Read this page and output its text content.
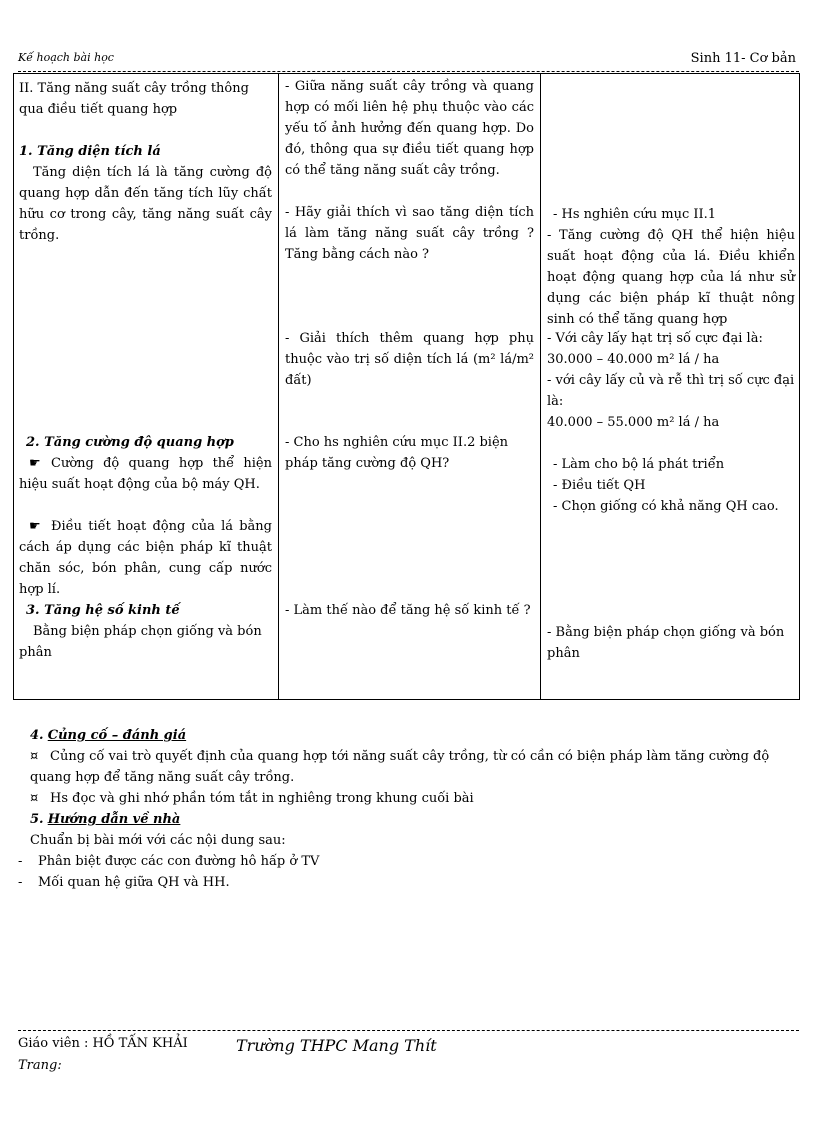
Kế hoạch bài học	Sinh 11- Cơ bản
II. Tăng năng suất cây trồng thông qua điều tiết quang hợp
1. Tăng diện tích lá
Tăng diện tích lá là tăng cường độ quang hợp dẫn đến tăng tích lũy chất hữu cơ trong cây, tăng năng suất cây trồng.
2. Tăng cường độ quang hợp
☛ Cường độ quang hợp thể hiện hiệu suất hoạt động của bộ máy QH.
☛ Điều tiết hoạt động của lá bằng cách áp dụng các biện pháp kĩ thuật chăn sóc, bón phân, cung cấp nước hợp lí.
3. Tăng hệ số kinh tế
Bằng biện pháp chọn giống và bón phân
- Giữa năng suất cây trồng và quang hợp có mối liên hệ phụ thuộc vào các yếu tố ảnh hưởng đến quang hợp. Do đó, thông qua sự điều tiết quang hợp có thể tăng năng suất cây trồng.
- Hãy giải thích vì sao tăng diện tích lá làm tăng năng suất cây trồng ? Tăng bằng cách nào ?
- Giải thích thêm quang hợp phụ thuộc vào trị số diện tích lá (m² lá/m² đất)
- Cho hs nghiên cứu mục II.2 biện pháp tăng cường độ QH?
- Làm thế nào để tăng hệ số kinh tế ?
- Hs nghiên cứu mục II.1
- Tăng cường độ QH thể hiện hiệu suất hoạt động của lá. Điều khiển hoạt động quang hợp của lá như sử dụng các biện pháp kĩ thuật nông sinh có thể tăng quang hợp
- Với cây lấy hạt trị số cực đại là:
30.000 – 40.000 m² lá / ha
- với cây lấy củ và rễ thì trị số cực đại là:
40.000 – 55.000 m² lá / ha
- Làm cho bộ lá phát triển
- Điều tiết QH
- Chọn giống có khả năng QH cao.
- Bằng biện pháp chọn giống và bón phân
4. Củng cố – đánh giá
¤ Củng cố vai trò quyết định của quang hợp tới năng suất cây trồng, từ có cần có biện pháp làm tăng cường độ quang hợp để tăng năng suất cây trồng.
¤ Hs đọc và ghi nhớ phần tóm tắt in nghiêng trong khung cuối bài
5. Hướng dẫn về nhà
Chuẩn bị bài mới với các nội dung sau:
- Phân biệt được các con đường hô hấp ở TV
- Mối quan hệ giữa QH và HH.
Giáo viên : HỒ TẤN KHẢI	Trường THPC Mang Thít
Trang:
